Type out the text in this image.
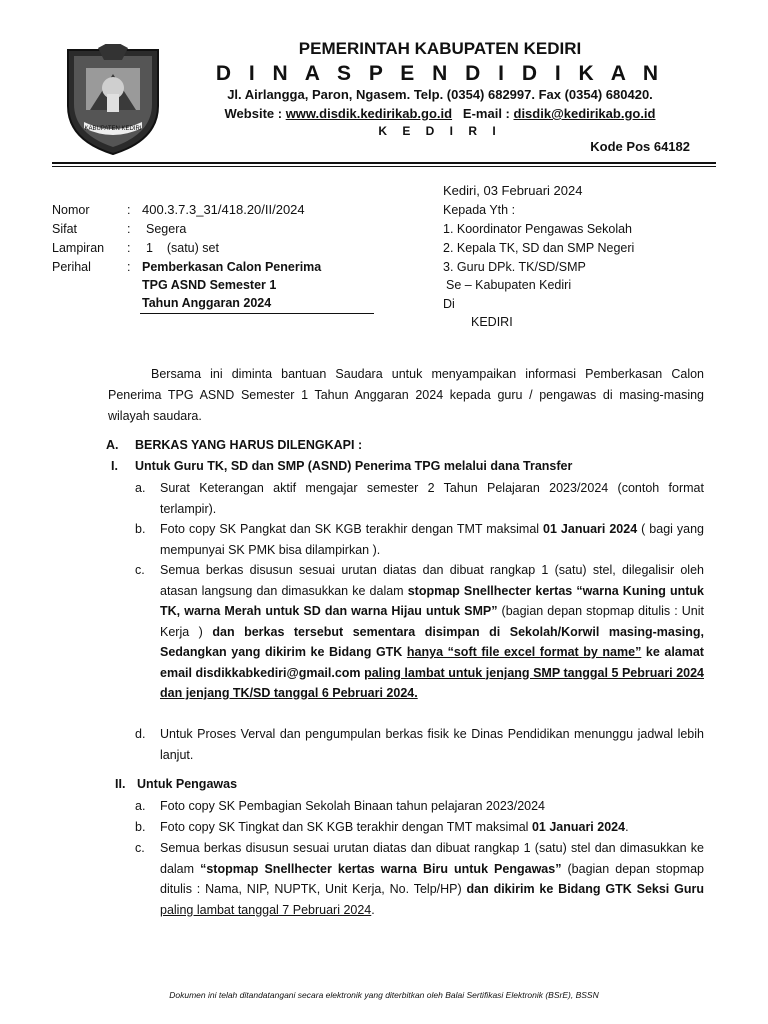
KABUPATEN KEDIRI
PEMERINTAH KABUPATEN KEDIRI
D I N A S P E N D I D I K A N
Jl. Airlangga, Paron, Ngasem. Telp. (0354) 682997. Fax (0354) 680420.
Website : www.disdik.kedirikab.go.id E-mail : disdik@kedirikab.go.id
K E D I R I
Kode Pos 64182
Kediri, 03 Februari 2024
Kepada Yth :
1. Koordinator Pengawas Sekolah
2. Kepala TK, SD dan SMP Negeri
3. Guru DPk. TK/SD/SMP
Se – Kabupaten Kediri
Di
KEDIRI
Nomor	: 400.3.7.3_31/418.20/II/2024
Sifat	: Segera
Lampiran : 1    (satu) set
Perihal	: Pemberkasan Calon Penerima
TPG ASND Semester 1
Tahun Anggaran 2024
Bersama ini diminta bantuan Saudara untuk menyampaikan informasi Pemberkasan Calon Penerima TPG ASND Semester 1 Tahun Anggaran 2024 kepada guru / pengawas di masing-masing wilayah saudara.
A. BERKAS YANG HARUS DILENGKAPI :
I. Untuk Guru TK, SD dan SMP (ASND) Penerima TPG melalui dana Transfer
a. Surat Keterangan aktif mengajar semester 2 Tahun Pelajaran 2023/2024 (contoh format terlampir).
b. Foto copy SK Pangkat dan SK KGB terakhir dengan TMT maksimal 01 Januari 2024 ( bagi yang mempunyai SK PMK bisa dilampirkan ).
c. Semua berkas disusun sesuai urutan diatas dan dibuat rangkap 1 (satu) stel, dilegalisir oleh atasan langsung dan dimasukkan ke dalam stopmap Snellhecter kertas “warna Kuning untuk TK, warna Merah untuk SD dan warna Hijau untuk SMP” (bagian depan stopmap ditulis : Unit Kerja ) dan berkas tersebut sementara disimpan di Sekolah/Korwil masing-masing, Sedangkan yang dikirim ke Bidang GTK hanya “soft file excel format by name” ke alamat email disdikkabkediri@gmail.com paling lambat untuk jenjang SMP tanggal 5 Pebruari 2024 dan jenjang TK/SD tanggal 6 Pebruari 2024.
d. Untuk Proses Verval dan pengumpulan berkas fisik ke Dinas Pendidikan menunggu jadwal lebih lanjut.
II. Untuk Pengawas
a. Foto copy SK Pembagian Sekolah Binaan tahun pelajaran 2023/2024
b. Foto copy SK Tingkat dan SK KGB terakhir dengan TMT maksimal 01 Januari 2024.
c. Semua berkas disusun sesuai urutan diatas dan dibuat rangkap 1 (satu) stel dan dimasukkan ke dalam “stopmap Snellhecter kertas warna Biru untuk Pengawas” (bagian depan stopmap ditulis : Nama, NIP, NUPTK, Unit Kerja, No. Telp/HP) dan dikirim ke Bidang GTK Seksi Guru paling lambat tanggal 7 Pebruari 2024.
Dokumen ini telah ditandatangani secara elektronik yang diterbitkan oleh Balai Sertifikasi Elektronik (BSrE), BSSN
